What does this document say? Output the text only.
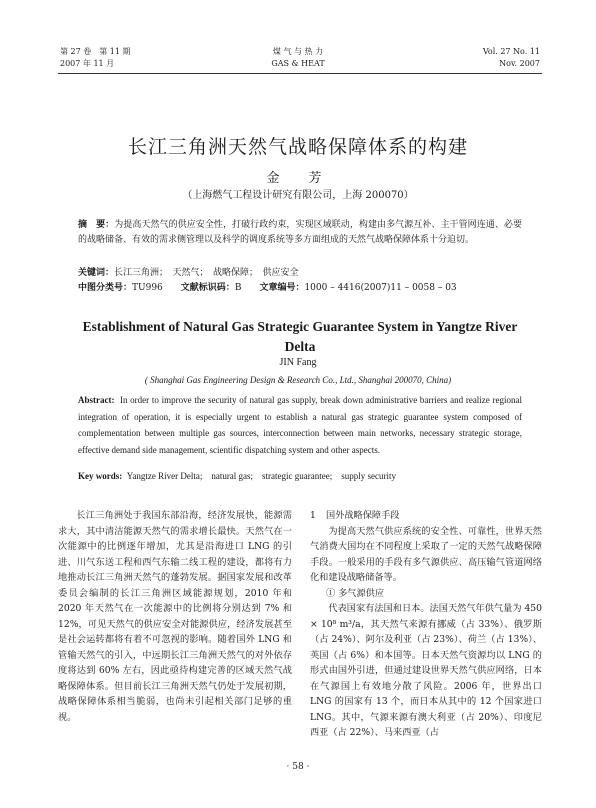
第 27 卷　第 11 期
2007 年 11 月
煤 气 与 热 力
GAS & HEAT
Vol. 27 No. 11
Nov. 2007
长江三角洲天然气战略保障体系的构建
金　芳
（上海燃气工程设计研究有限公司，上海 200070）
摘　要：为提高天然气的供应安全性，打破行政约束，实现区域联动，构建由多气源互补、主干管网连通、必要的战略储备、有效的需求侧管理以及科学的调度系统等多方面组成的天然气战略保障体系十分迫切。
关键词：长江三角洲；　天然气；　战略保障；　供应安全
中图分类号：TU996 文献标识码：B 文章编号：1000 – 4416(2007)11 – 0058 – 03
Establishment of Natural Gas Strategic Guarantee System in Yangtze River Delta
JIN Fang
( Shanghai Gas Engineering Design & Research Co., Ltd., Shanghai 200070, China)
Abstract: In order to improve the security of natural gas supply, break down administrative barriers and realize regional integration of operation, it is especially urgent to establish a natural gas strategic guarantee system composed of complementation between multiple gas sources, interconnection between main networks, necessary strategic storage, effective demand side management, scientific dispatching system and other aspects.
Key words: Yangtze River Delta;　natural gas;　strategic guarantee;　supply security

长江三角洲处于我国东部沿海，经济发展快，能源需求大，其中清洁能源天然气的需求增长最快。天然气在一次能源中的比例逐年增加，尤其是沿海进口 LNG 的引进、川气东送工程和西气东输二线工程的建设，都将有力地推动长江三角洲天然气的蓬勃发展。据国家发展和改革委员会编制的长江三角洲区域能源规划，2010 年和 2020 年天然气在一次能源中的比例将分别达到 7% 和 12%，可见天然气的供应安全对能源供应，经济发展甚至是社会运转都将有着不可忽视的影响。随着国外 LNG 和管输天然气的引入，中远期长江三角洲天然气的对外依存度将达到 60% 左右，因此亟待构建完善的区域天然气战略保障体系。但目前长江三角洲天然气仍处于发展初期，战略保障体系相当脆弱，也尚未引起相关部门足够的重视。

1 国外战略保障手段

为提高天然气供应系统的安全性、可靠性，世界天然气消费大国均在不同程度上采取了一定的天然气战略保障手段。一般采用的手段有多气源供应、高压输气管道网络化和建设战略储备等。

① 多气源供应

代表国家有法国和日本。法国天然气年供气量为 450 × 10⁸ m³/a，其天然气来源有挪威（占 33%）、俄罗斯（占 24%）、阿尔及利亚（占 23%）、荷兰（占 13%）、英国（占 6%）和本国等。日本天然气资源均以 LNG 的形式由国外引进，但通过建设世界天然气供应网络，日本在气源国上有效地分散了风险。2006 年，世界出口 LNG 的国家有 13 个，而日本从其中的 12 个国家进口 LNG。其中，气源来源有澳大利亚（占 20%）、印度尼西亚（占 22%）、马来西亚（占

· 58 ·
